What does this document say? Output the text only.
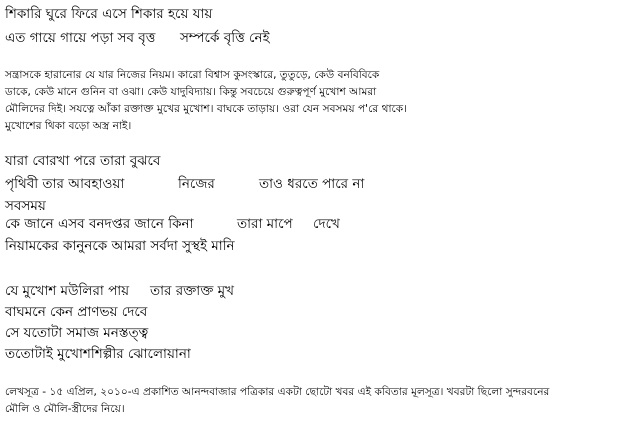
শিকারি ঘুরে ফিরে এসে শিকার হয়ে যায়
এত গায়ে গায়ে পড়া সব বৃত্ত সম্পর্কে বৃত্তি নেই
সন্ত্রাসকে হারানোর যে যার নিজের নিয়ম। কারো বিশ্বাস কুসংস্কারে, তুতুড়ে, কেউ বনবিবিকে
ডাকে, কেউ মানে গুনিন বা ওঝা। কেউ যাদুবিদ্যায়। কিন্তু সবচেয়ে গুরুত্বপূর্ণ মুখোশ আমরা
মৌলিদের দিই। সযত্নে আঁকা রক্তাক্ত মুখের মুখোশ। বাঘকে তাড়ায়। ওরা যেন সবসময় প'রে থাকে।
মুখোশের থিকা বড়ো অস্ত্র নাই।
যারা বোরখা পরে তারা বুঝবে
পৃথিবী তার আবহাওয়া	নিজের	তাও ধরতে পারে না
সবসময়
কে জানে এসব বনদপ্তর জানে কিনা	তারা মাপে দেখে
নিয়ামকের কানুনকে আমরা সর্বদা সুস্থই মানি
যে মুখোশ মউলিরা পায় তার রক্তাক্ত মুখ
বাঘমনে কেন প্রাণভয় দেবে
সে যতোটা সমাজ মনস্তত্ত্ব
ততোটাই মুখোশশিল্পীর ঝোলোয়ানা
লেখসূত্র - ১৫ এপ্রিল, ২০১০-এ প্রকাশিত আনন্দবাজার পত্রিকার একটা ছোটো খবর এই কবিতার মূলসূত্র। খবরটা ছিলো সুন্দরবনের
মৌলি ও মৌলি-স্ত্রীদের নিয়ে।
